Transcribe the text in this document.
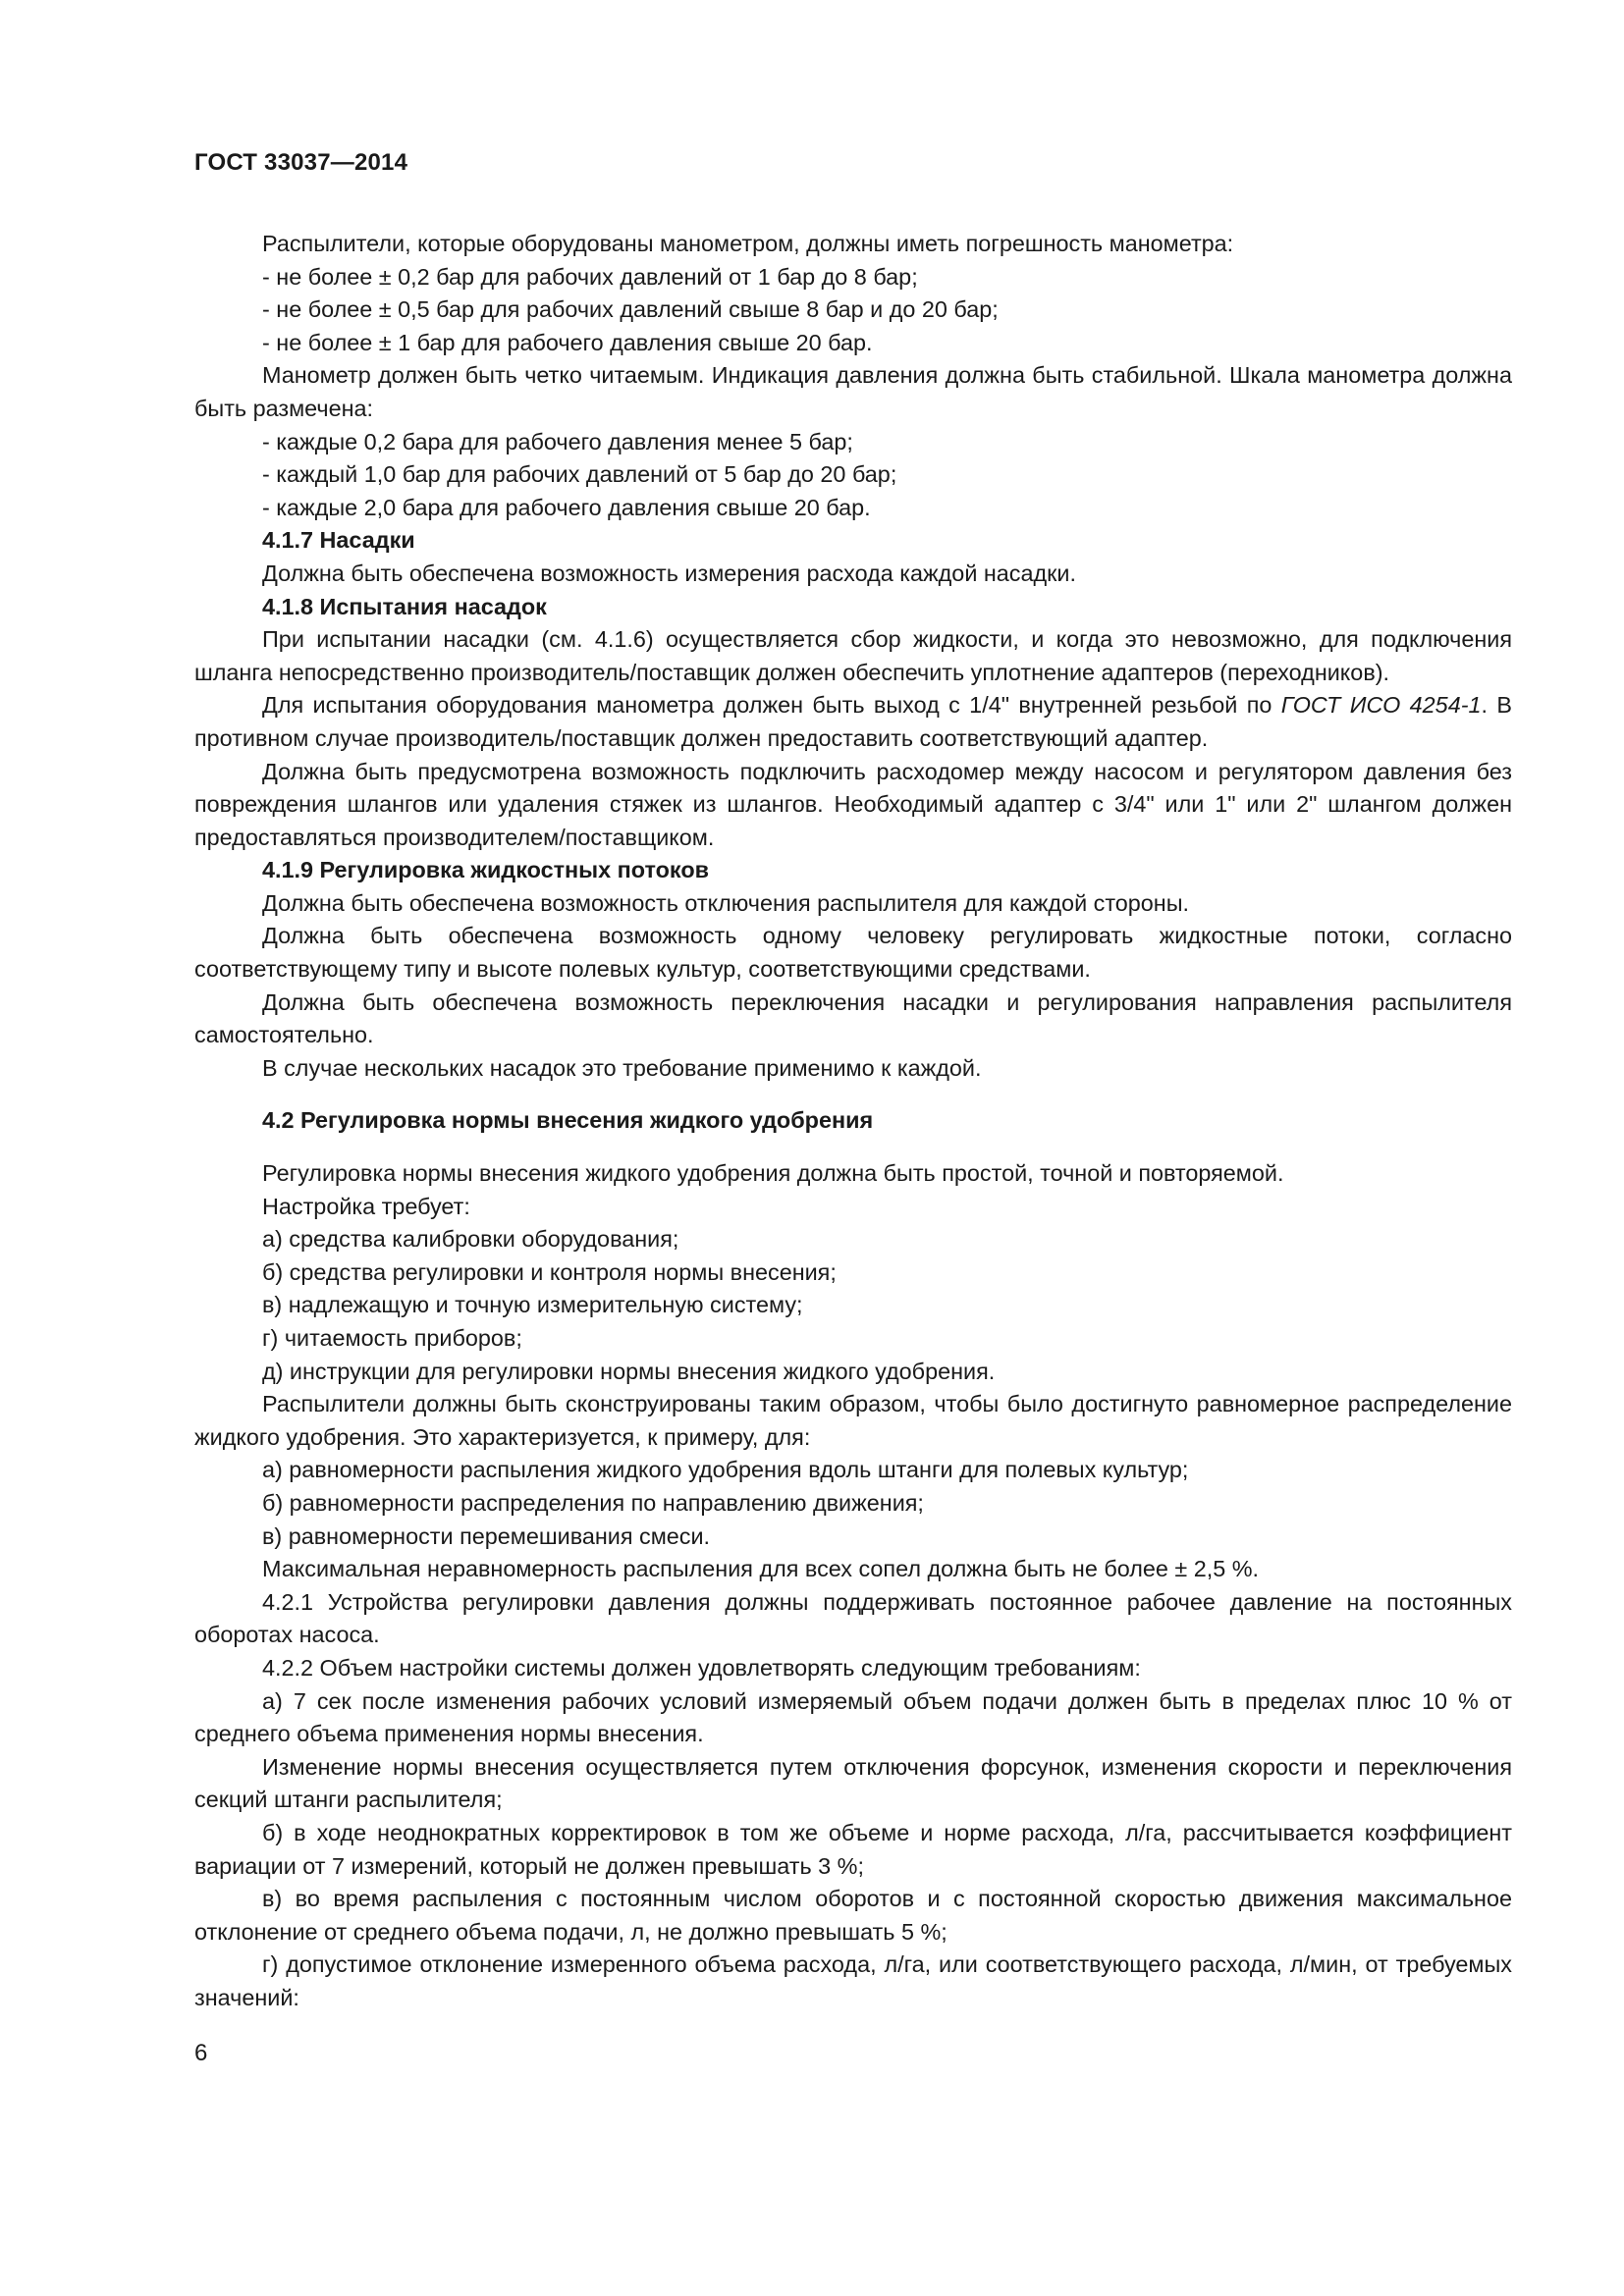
ГОСТ 33037—2014

Распылители, которые оборудованы манометром, должны иметь погрешность манометра:

- не более ± 0,2 бар для рабочих давлений от 1 бар до 8 бар;

- не более ± 0,5 бар для рабочих давлений свыше 8 бар и до 20 бар;

- не более ± 1 бар для рабочего давления свыше 20 бар.

Манометр должен быть четко читаемым. Индикация давления должна быть стабильной. Шкала манометра должна быть размечена:

- каждые 0,2 бара для рабочего давления менее 5 бар;

- каждый 1,0 бар для рабочих давлений от 5 бар до 20 бар;

- каждые 2,0 бара для рабочего давления свыше 20 бар.

4.1.7 Насадки

Должна быть обеспечена возможность измерения расхода каждой насадки.

4.1.8 Испытания насадок

При испытании насадки (см. 4.1.6) осуществляется сбор жидкости, и когда это невозможно, для подключения шланга непосредственно производитель/поставщик должен обеспечить уплотнение адаптеров (переходников).

Для испытания оборудования манометра должен быть выход с 1/4" внутренней резьбой по ГОСТ ИСО 4254-1. В противном случае производитель/поставщик должен предоставить соответствующий адаптер.

Должна быть предусмотрена возможность подключить расходомер между насосом и регулятором давления без повреждения шлангов или удаления стяжек из шлангов. Необходимый адаптер с 3/4" или 1" или 2" шлангом должен предоставляться производителем/поставщиком.

4.1.9 Регулировка жидкостных потоков

Должна быть обеспечена возможность отключения распылителя для каждой стороны.

Должна быть обеспечена возможность одному человеку регулировать жидкостные потоки, согласно соответствующему типу и высоте полевых культур, соответствующими средствами.

Должна быть обеспечена возможность переключения насадки и регулирования направления распылителя самостоятельно.

В случае нескольких насадок это требование применимо к каждой.

4.2 Регулировка нормы внесения жидкого удобрения

Регулировка нормы внесения жидкого удобрения должна быть простой, точной и повторяемой.

Настройка требует:

а) средства калибровки оборудования;

б) средства регулировки и контроля нормы внесения;

в) надлежащую и точную измерительную систему;

г) читаемость приборов;

д) инструкции для регулировки нормы внесения жидкого удобрения.

Распылители должны быть сконструированы таким образом, чтобы было достигнуто равномерное распределение жидкого удобрения. Это характеризуется, к примеру, для:

а) равномерности распыления жидкого удобрения вдоль штанги для полевых культур;

б) равномерности распределения по направлению движения;

в) равномерности перемешивания смеси.

Максимальная неравномерность распыления для всех сопел должна быть не более ± 2,5 %.

4.2.1 Устройства регулировки давления должны поддерживать постоянное рабочее давление на постоянных оборотах насоса.

4.2.2 Объем настройки системы должен удовлетворять следующим требованиям:

а) 7 сек после изменения рабочих условий измеряемый объем подачи должен быть в пределах плюс 10 % от среднего объема применения нормы внесения.

Изменение нормы внесения осуществляется путем отключения форсунок, изменения скорости и переключения секций штанги распылителя;

б) в ходе неоднократных корректировок в том же объеме и норме расхода, л/га, рассчитывается коэффициент вариации от 7 измерений, который не должен превышать 3 %;

в) во время распыления с постоянным числом оборотов и с постоянной скоростью движения максимальное отклонение от среднего объема подачи, л, не должно превышать 5 %;

г) допустимое отклонение измеренного объема расхода, л/га, или соответствующего расхода, л/мин, от требуемых значений:

6
